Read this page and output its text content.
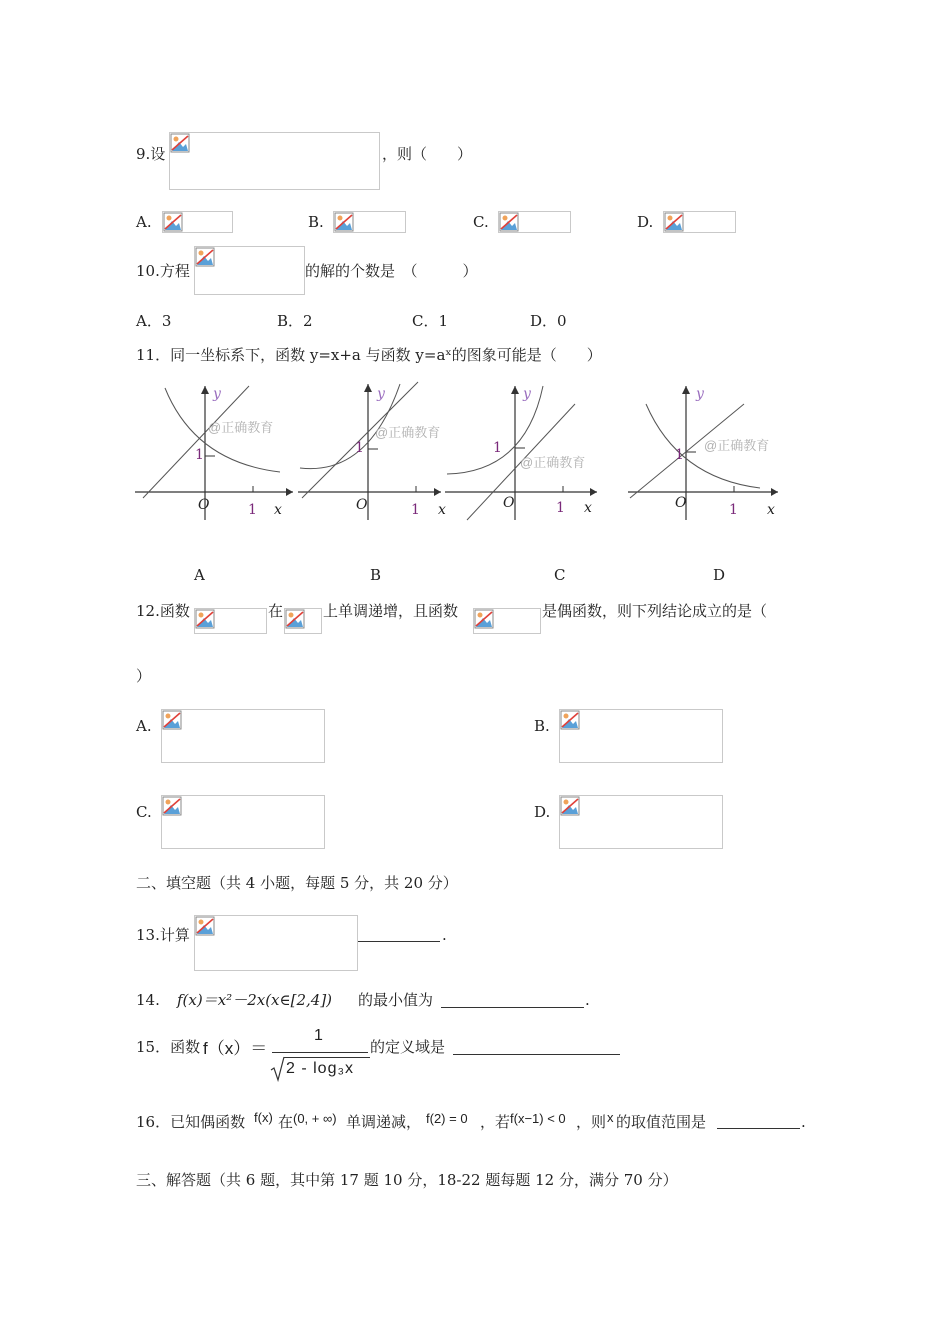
9.设	，则（　　）
A.	B.	C.	D.
10.方程	的解的个数是　（　　　）
A．3	B．2	C．1	D．0
11．同一坐标系下，函数 y=x+a 与函数 y=aˣ的图象可能是（　　）
y
1
@正确教育
O	1 x
y
1
@正确教育
O	1 x
y
1
@正确教育
O	1 x
y
1
@正确教育
O	1 x
A	B	C	D
12.函数	在	上单调递增，且函数	是偶函数，则下列结论成立的是（
）
A.	B.
C.	D.
二、填空题（共 4 小题，每题 5 分，共 20 分）
13.计算	.
14. f(x)＝x²－2x(x∈[2,4]) 的最小值为	.
15．函数 f（x）＝
1
2 - log₃x
的定义域是
16．已知偶函数 f(x) 在 (0, + ∞) 单调递减， f(2) = 0 ，若 f(x−1) < 0 ，则 x 的取值范围是	.
三、解答题（共 6 题，其中第 17 题 10 分，18-22 题每题 12 分，满分 70 分）
